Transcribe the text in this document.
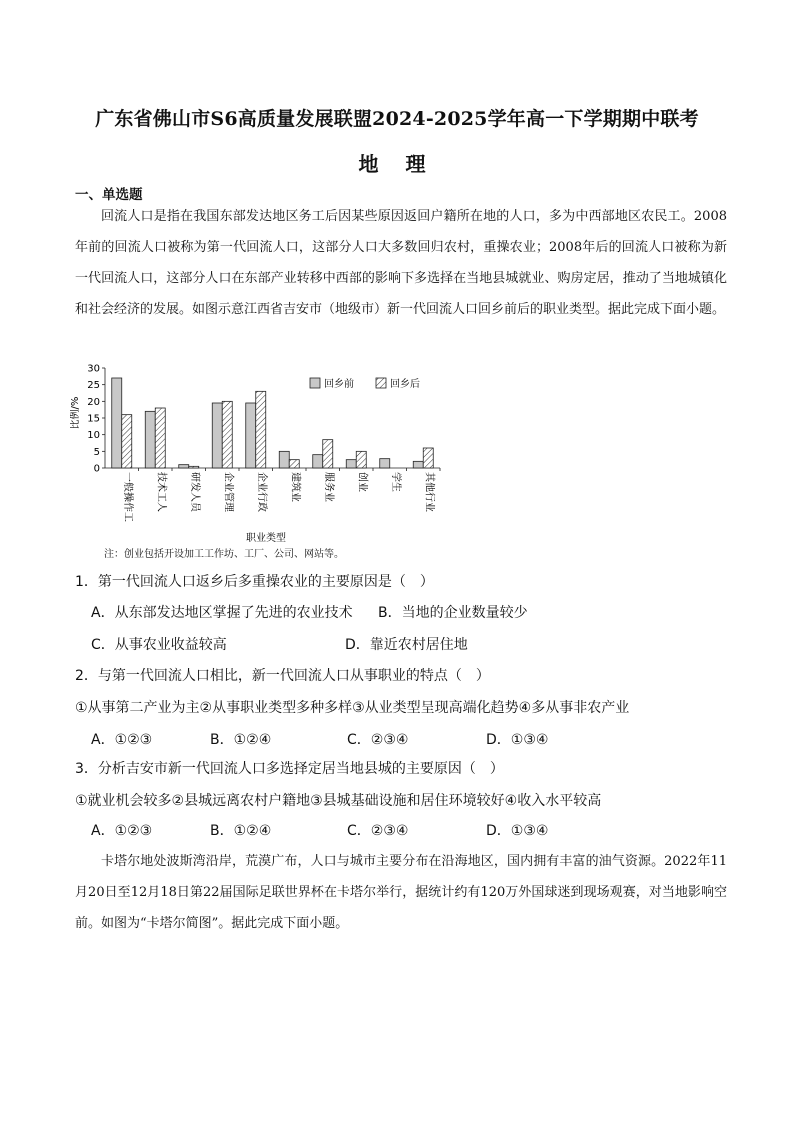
广东省佛山市S6高质量发展联盟2024-2025学年高一下学期期中联考
地 理
一、单选题

回流人口是指在我国东部发达地区务工后因某些原因返回户籍所在地的人口，多为中西部地区农民工。2008年前的回流人口被称为第一代回流人口，这部分人口大多数回归农村，重操农业；2008年后的回流人口被称为新一代回流人口，这部分人口在东部产业转移中西部的影响下多选择在当地县城就业、购房定居，推动了当地城镇化和社会经济的发展。如图示意江西省吉安市（地级市）新一代回流人口回乡前后的职业类型。据此完成下面小题。

0
5
10
15
20
25
30
一般操作工 技术工人 研发人员 企业管理 企业行政 建筑业 服务业 创业 学生 其他行业
比例/%
职业类型
回乡前	回乡后
注：创业包括开设加工工作坊、工厂、公司、网站等。
1．第一代回流人口返乡后多重操农业的主要原因是（　）
A．从东部发达地区掌握了先进的农业技术 B．当地的企业数量较少
C．从事农业收益较高	D．靠近农村居住地
2．与第一代回流人口相比，新一代回流人口从事职业的特点（　）
①从事第二产业为主②从事职业类型多种多样③从业类型呈现高端化趋势④多从事非农产业
A．①②③	B．①②④	C．②③④	D．①③④
3．分析吉安市新一代回流人口多选择定居当地县城的主要原因（　）
①就业机会较多②县城远离农村户籍地③县城基础设施和居住环境较好④收入水平较高
A．①②③	B．①②④	C．②③④	D．①③④

卡塔尔地处波斯湾沿岸，荒漠广布，人口与城市主要分布在沿海地区，国内拥有丰富的油气资源。2022年11月20日至12月18日第22届国际足联世界杯在卡塔尔举行，据统计约有120万外国球迷到现场观赛，对当地影响空前。如图为“卡塔尔简图”。据此完成下面小题。
